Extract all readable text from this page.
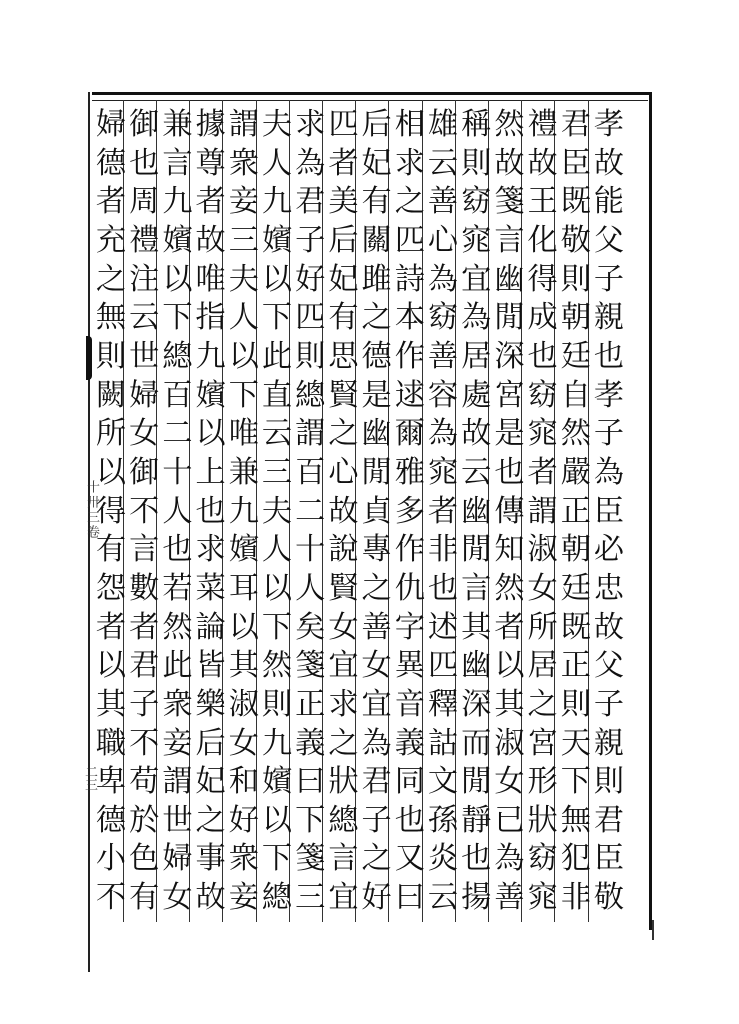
十卅三卷
二三
孝
故
能
父
子
親
也
孝
子
為
臣
必
忠
故
父
子
親
則
君
臣
敬
君
臣
既
敬
則
朝
廷
自
然
嚴
正
朝
廷
既
正
則
天
下
無
犯
非
禮
故
王
化
得
成
也
窈
窕
者
謂
淑
女
所
居
之
宮
形
狀
窈
窕
然
故
箋
言
幽
閒
深
宮
是
也
傳
知
然
者
以
其
淑
女
已
為
善
稱
則
窈
窕
宜
為
居
處
故
云
幽
閒
言
其
幽
深
而
閒
靜
也
揚
雄
云
善
心
為
窈
善
容
為
窕
者
非
也
述
匹
釋
詁
文
孫
炎
云
相
求
之
匹
詩
本
作
逑
爾
雅
多
作
仇
字
異
音
義
同
也
又
曰
后
妃
有
關
雎
之
德
是
幽
閒
貞
專
之
善
女
宜
為
君
子
之
好
匹
者
美
后
妃
有
思
賢
之
心
故
說
賢
女
宜
求
之
狀
總
言
宜
求
為
君
子
好
匹
則
總
謂
百
二
十
人
矣
箋
正
義
曰
下
箋
三
夫
人
九
嬪
以
下
此
直
云
三
夫
人
以
下
然
則
九
嬪
以
下
總
謂
衆
妾
三
夫
人
以
下
唯
兼
九
嬪
耳
以
其
淑
女
和
好
衆
妾
據
尊
者
故
唯
指
九
嬪
以
上
也
求
菜
論
皆
樂
后
妃
之
事
故
兼
言
九
嬪
以
下
總
百
二
十
人
也
若
然
此
衆
妾
謂
世
婦
女
御
也
周
禮
注
云
世
婦
女
御
不
言
數
者
君
子
不
苟
於
色
有
婦
德
者
充
之
無
則
闕
所
以
得
有
怨
者
以
其
職
卑
德
小
不
